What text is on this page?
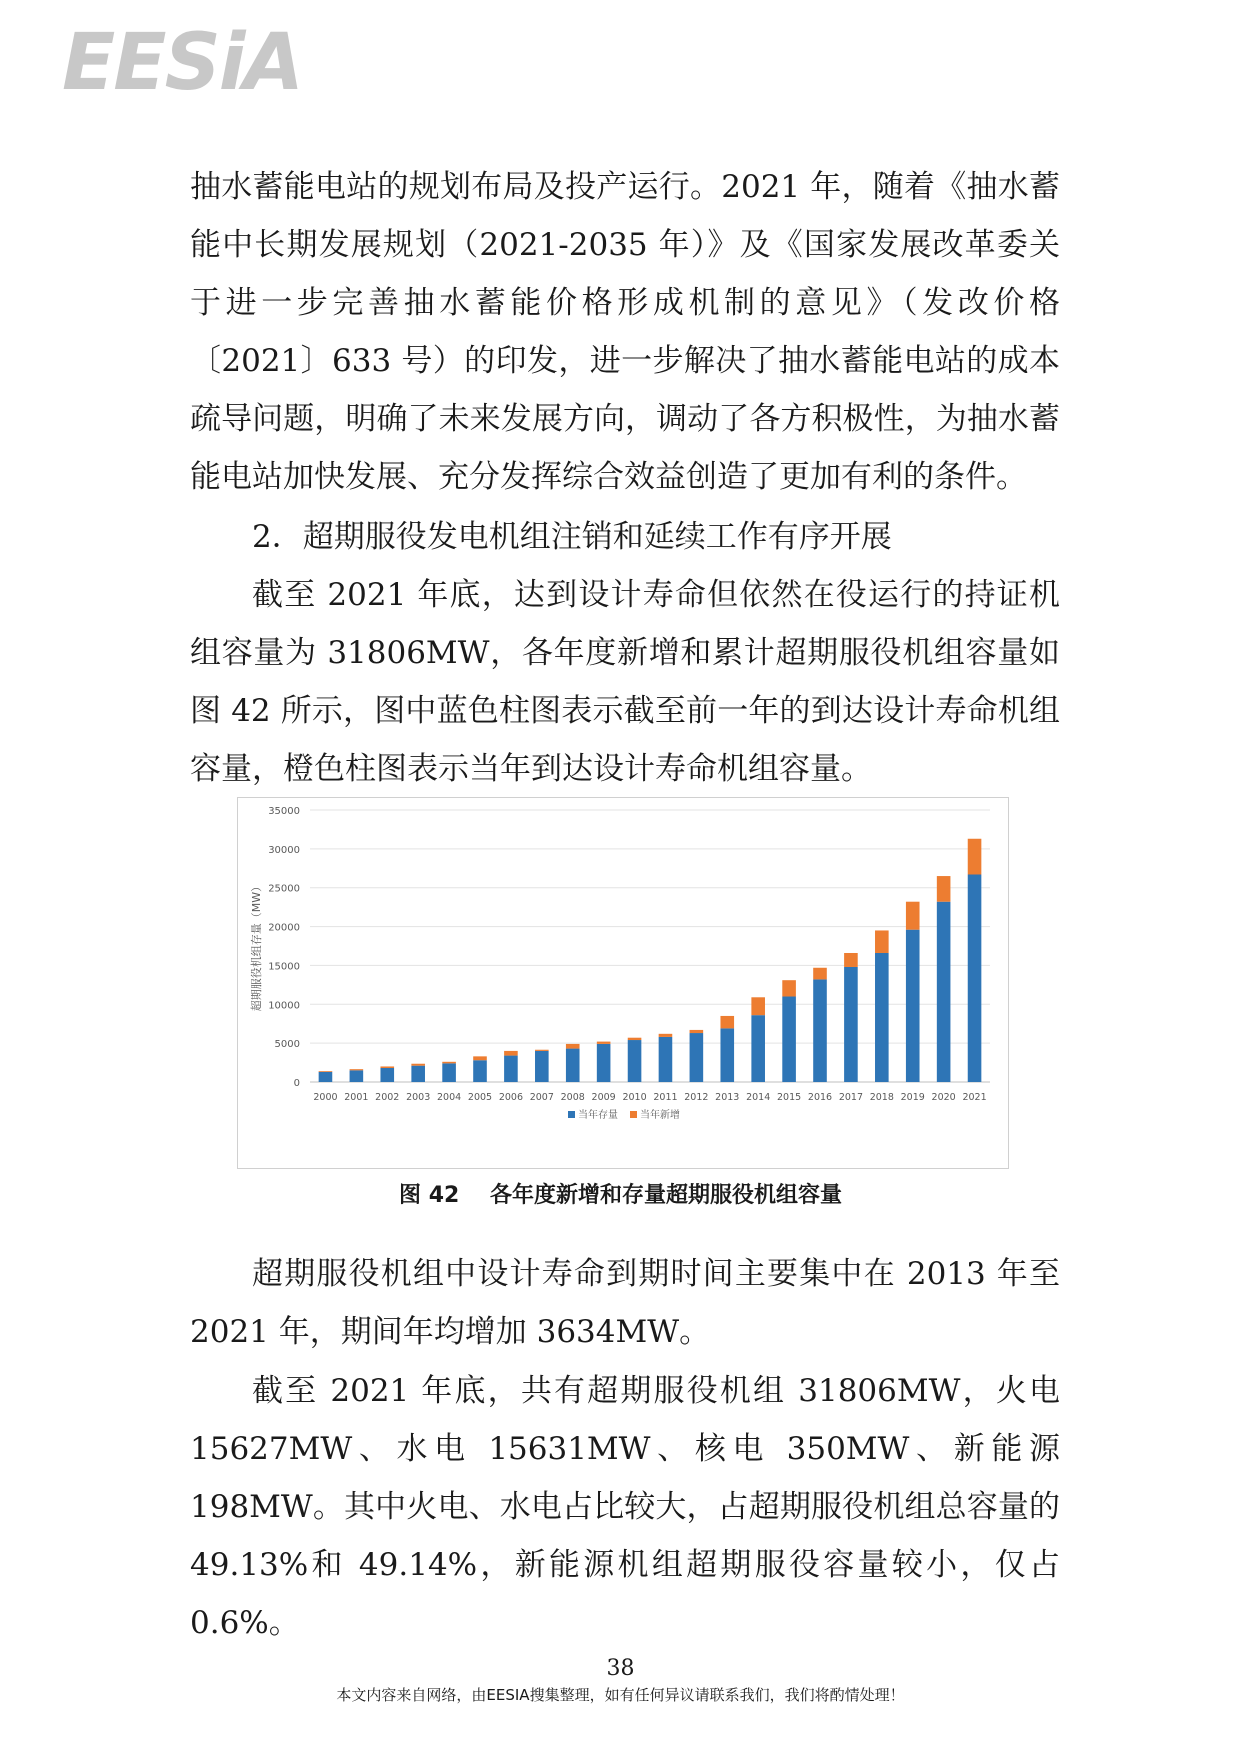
EESiA

抽水蓄能电站的规划布局及投产运行。2021 年，随着《抽水蓄能中长期发展规划（2021-2035 年）》及《国家发展改革委关于进一步完善抽水蓄能价格形成机制的意见》（发改价格〔2021〕633 号）的印发，进一步解决了抽水蓄能电站的成本疏导问题，明确了未来发展方向，调动了各方积极性，为抽水蓄能电站加快发展、充分发挥综合效益创造了更加有利的条件。

2．超期服役发电机组注销和延续工作有序开展

截至 2021 年底，达到设计寿命但依然在役运行的持证机组容量为 31806MW，各年度新增和累计超期服役机组容量如图 42 所示，图中蓝色柱图表示截至前一年的到达设计寿命机组容量，橙色柱图表示当年到达设计寿命机组容量。

0
5000
10000
15000
20000
25000
30000
35000
超期服役机组存量（MW）
2000 2001 2002 2003 2004 2005 2006 2007 2008 2009 2010 2011 2012 2013 2014 2015 2016 2017 2018 2019 2020 2021
当年存量 当年新增
图 42 各年度新增和存量超期服役机组容量

超期服役机组中设计寿命到期时间主要集中在 2013 年至 2021 年，期间年均增加 3634MW。

截至 2021 年底，共有超期服役机组 31806MW，火电 15627MW、水电 15631MW、核电 350MW、新能源 198MW。其中火电、水电占比较大，占超期服役机组总容量的 49.13%和 49.14%，新能源机组超期服役容量较小，仅占 0.6%。

38
本文内容来自网络，由EESIA搜集整理，如有任何异议请联系我们，我们将酌情处理！
